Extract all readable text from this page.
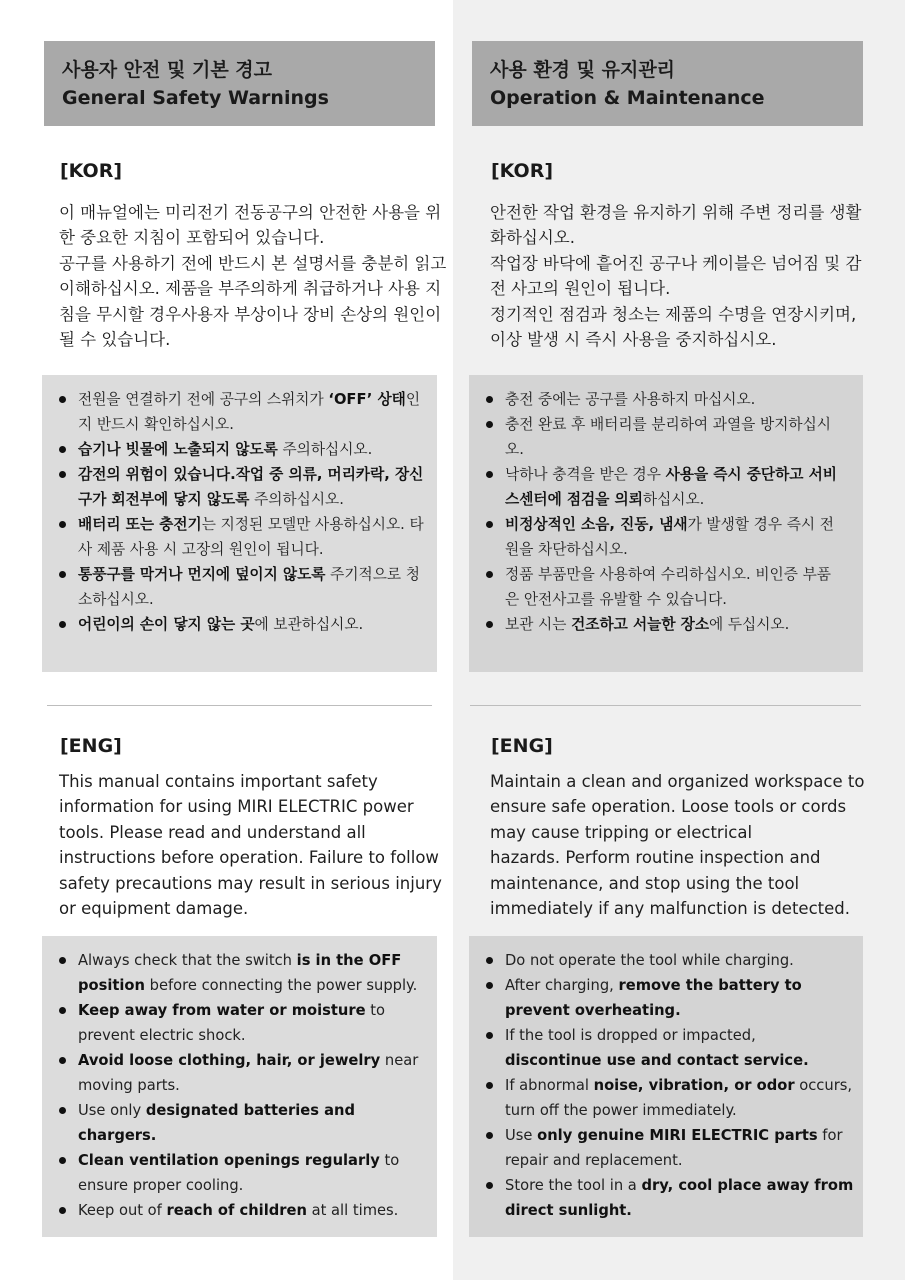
사용자 안전 및 기본 경고
General Safety Warnings
[KOR]
이 매뉴얼에는 미리전기 전동공구의 안전한 사용을 위
한 중요한 지침이 포함되어 있습니다.
공구를 사용하기 전에 반드시 본 설명서를 충분히 읽고
이해하십시오. 제품을 부주의하게 취급하거나 사용 지
침을 무시할 경우사용자 부상이나 장비 손상의 원인이
될 수 있습니다.
전원을 연결하기 전에 공구의 스위치가 ‘OFF’ 상태인
지 반드시 확인하십시오.
습기나 빗물에 노출되지 않도록 주의하십시오.
감전의 위험이 있습니다.작업 중 의류, 머리카락, 장신
구가 회전부에 닿지 않도록 주의하십시오.
배터리 또는 충전기는 지정된 모델만 사용하십시오. 타
사 제품 사용 시 고장의 원인이 됩니다.
통풍구를 막거나 먼지에 덮이지 않도록 주기적으로 청
소하십시오.
어린이의 손이 닿지 않는 곳에 보관하십시오.
[ENG]
This manual contains important safety
information for using MIRI ELECTRIC power
tools. Please read and understand all
instructions before operation. Failure to follow
safety precautions may result in serious injury
or equipment damage.
Always check that the switch is in the OFF
position before connecting the power supply.
Keep away from water or moisture to
prevent electric shock.
Avoid loose clothing, hair, or jewelry near
moving parts.
Use only designated batteries and
chargers.
Clean ventilation openings regularly to
ensure proper cooling.
Keep out of reach of children at all times.
사용 환경 및 유지관리
Operation & Maintenance
[KOR]
안전한 작업 환경을 유지하기 위해 주변 정리를 생활
화하십시오.
작업장 바닥에 흩어진 공구나 케이블은 넘어짐 및 감
전 사고의 원인이 됩니다.
정기적인 점검과 청소는 제품의 수명을 연장시키며,
이상 발생 시 즉시 사용을 중지하십시오.
충전 중에는 공구를 사용하지 마십시오.
충전 완료 후 배터리를 분리하여 과열을 방지하십시
오.
낙하나 충격을 받은 경우 사용을 즉시 중단하고 서비
스센터에 점검을 의뢰하십시오.
비정상적인 소음, 진동, 냄새가 발생할 경우 즉시 전
원을 차단하십시오.
정품 부품만을 사용하여 수리하십시오. 비인증 부품
은 안전사고를 유발할 수 있습니다.
보관 시는 건조하고 서늘한 장소에 두십시오.
[ENG]
Maintain a clean and organized workspace to
ensure safe operation. Loose tools or cords
may cause tripping or electrical
hazards. Perform routine inspection and
maintenance, and stop using the tool
immediately if any malfunction is detected.
Do not operate the tool while charging.
After charging, remove the battery to
prevent overheating.
If the tool is dropped or impacted,
discontinue use and contact service.
If abnormal noise, vibration, or odor occurs,
turn off the power immediately.
Use only genuine MIRI ELECTRIC parts for
repair and replacement.
Store the tool in a dry, cool place away from
direct sunlight.
